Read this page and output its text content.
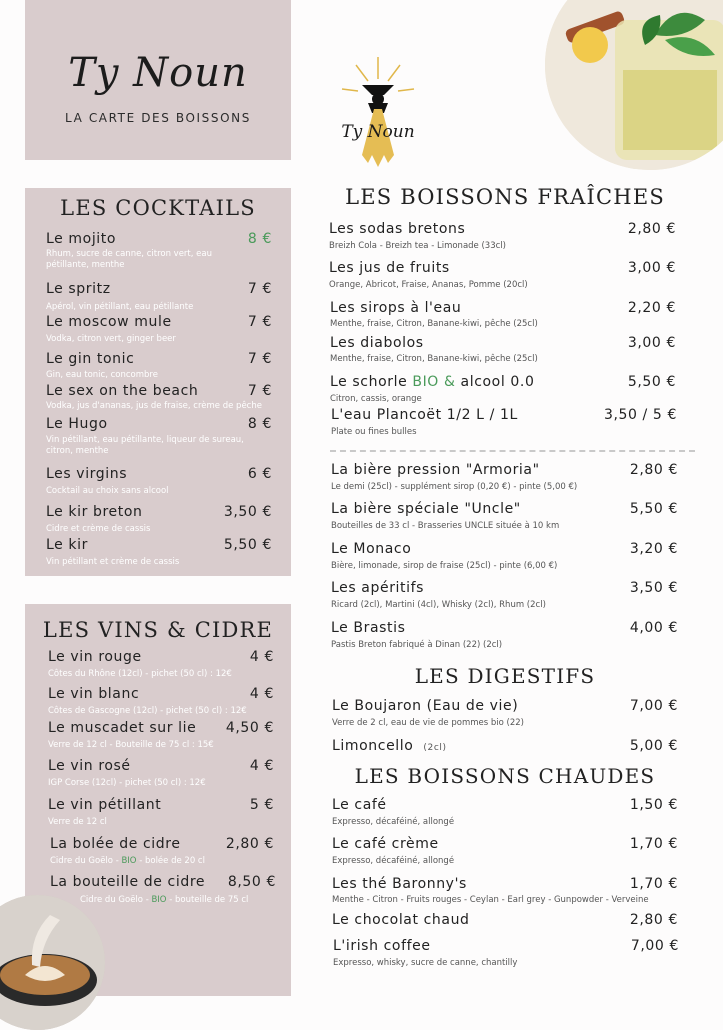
Ty Noun
LA CARTE DES BOISSONS
Ty Noun
LES COCKTAILS
Le mojito	8 €
Rhum, sucre de canne, citron vert, eau pétillante, menthe
Le spritz	7 €
Apérol, vin pétillant, eau pétillante
Le moscow mule	7 €
Vodka, citron vert, ginger beer
Le gin tonic	7 €
Gin, eau tonic, concombre
Le sex on the beach	7 €
Vodka, jus d'ananas, jus de fraise, crème de pêche
Le Hugo	8 €
Vin pétillant, eau pétillante, liqueur de sureau, citron, menthe
Les virgins	6 €
Cocktail au choix sans alcool
Le kir breton	3,50 €
Cidre et crème de cassis
Le kir	5,50 €
Vin pétillant et crème de cassis
LES VINS & CIDRE
Le vin rouge	4 €
Côtes du Rhône (12cl) - pichet (50 cl) : 12€
Le vin blanc	4 €
Côtes de Gascogne (12cl) - pichet (50 cl) : 12€
Le muscadet sur lie 4,50 €
Verre de 12 cl - Bouteille de 75 cl : 15€
Le vin rosé	4 €
IGP Corse (12cl) - pichet (50 cl) : 12€
Le vin pétillant	5 €
Verre de 12 cl
La bolée de cidre	2,80 €
Cidre du Goëlo - BIO - bolée de 20 cl
La bouteille de cidre 8,50 €
Cidre du Goëlo - BIO - bouteille de 75 cl
LES BOISSONS FRAÎCHES
Les sodas bretons	2,80 €
Breizh Cola - Breizh tea - Limonade (33cl)
Les jus de fruits	3,00 €
Orange, Abricot, Fraise, Ananas, Pomme (20cl)
Les sirops à l'eau	2,20 €
Menthe, fraise, Citron, Banane-kiwi, pêche (25cl)
Les diabolos	3,00 €
Menthe, fraise, Citron, Banane-kiwi, pêche (25cl)
Le schorle BIO & alcool 0.0	5,50 €
Citron, cassis, orange
L'eau Plancoët 1/2 L / 1L	3,50 / 5 €
Plate ou fines bulles
La bière pression "Armoria"	2,80 €
Le demi (25cl) - supplément sirop (0,20 €) - pinte (5,00 €)
La bière spéciale "Uncle"	5,50 €
Bouteilles de 33 cl - Brasseries UNCLE située à 10 km
Le Monaco	3,20 €
Bière, limonade, sirop de fraise (25cl) - pinte (6,00 €)
Les apéritifs	3,50 €
Ricard (2cl), Martini (4cl), Whisky (2cl), Rhum (2cl)
Le Brastis	4,00 €
Pastis Breton fabriqué à Dinan (22) (2cl)
LES DIGESTIFS
Le Boujaron (Eau de vie)	7,00 €
Verre de 2 cl, eau de vie de pommes bio (22)
Limoncello (2cl)	5,00 €
LES BOISSONS CHAUDES
Le café	1,50 €
Expresso, décaféiné, allongé
Le café crème	1,70 €
Expresso, décaféiné, allongé
Les thé Baronny's	1,70 €
Menthe - Citron - Fruits rouges - Ceylan - Earl grey - Gunpowder - Verveine
Le chocolat chaud	2,80 €
L'irish coffee	7,00 €
Expresso, whisky, sucre de canne, chantilly
